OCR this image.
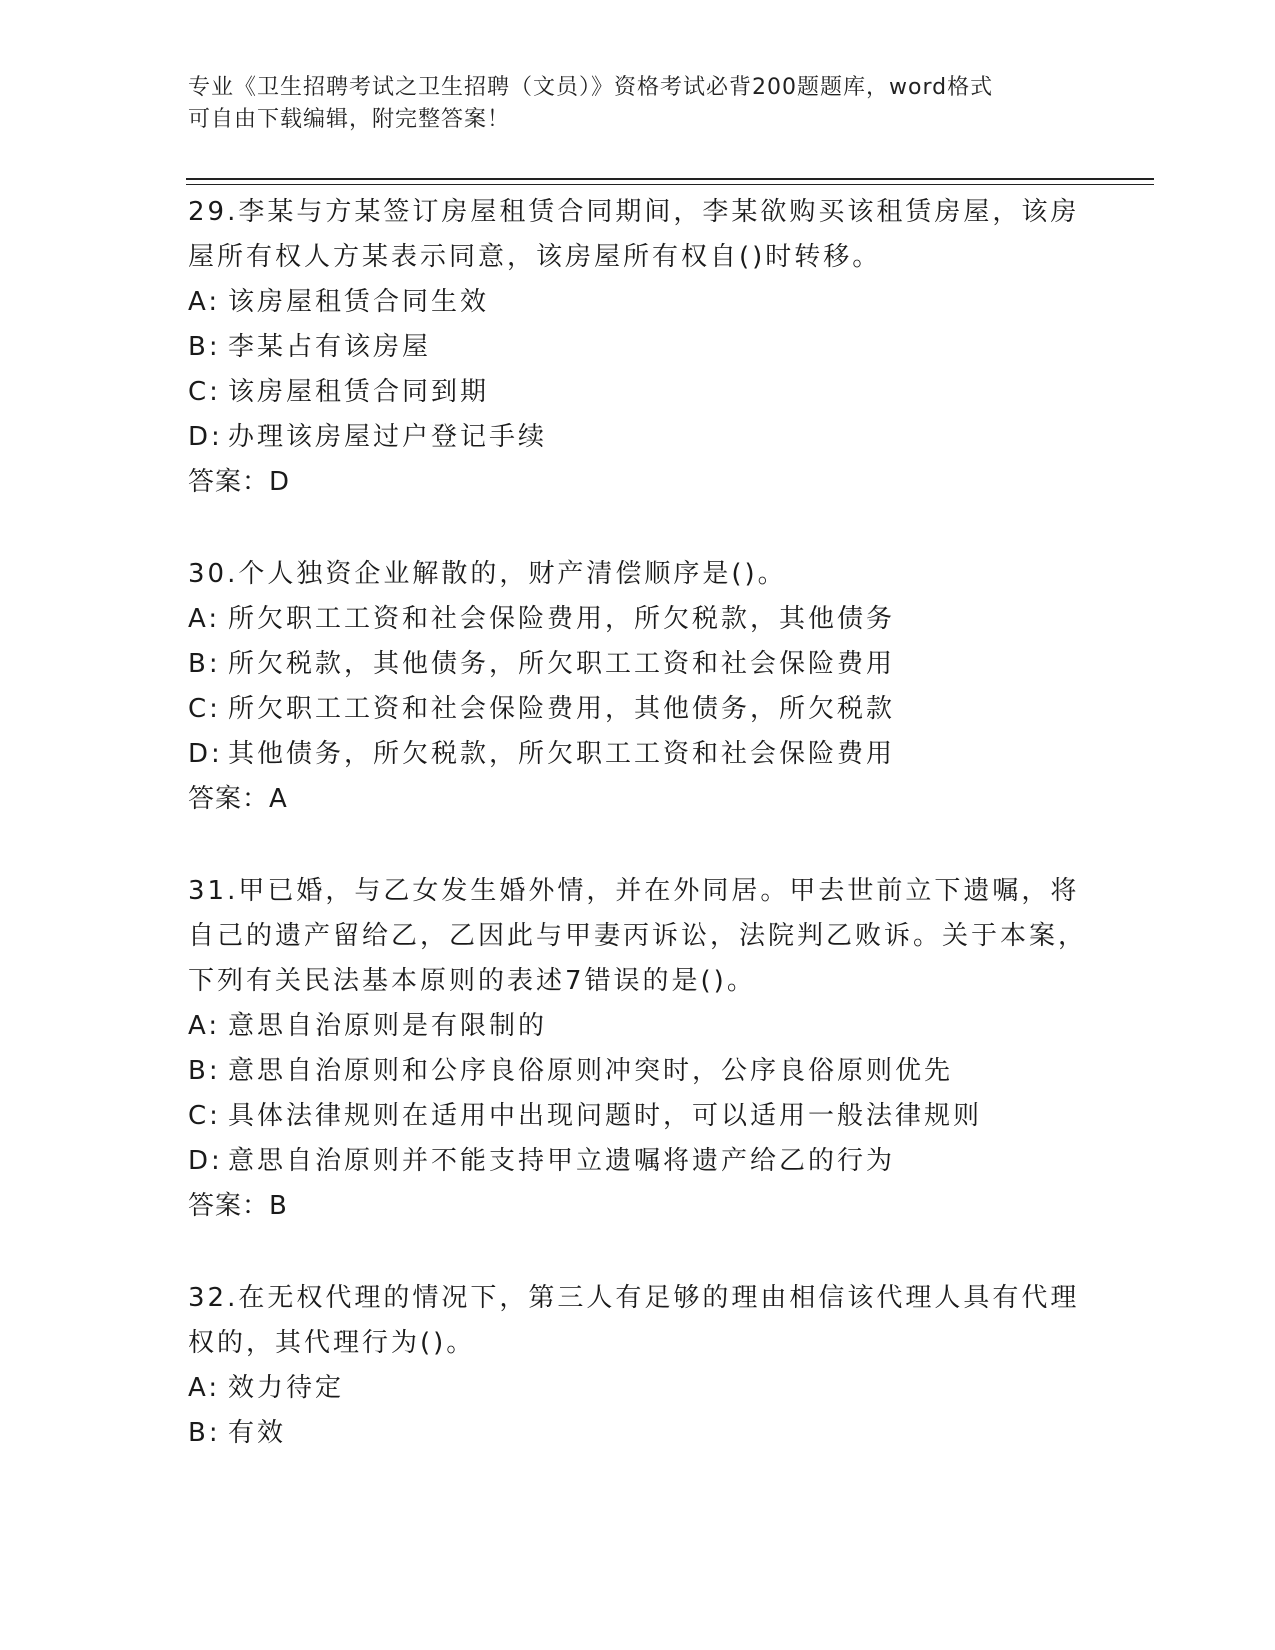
专业《卫生招聘考试之卫生招聘（文员）》资格考试必背200题题库，word格式
可自由下载编辑，附完整答案！

29.李某与方某签订房屋租赁合同期间，李某欲购买该租赁房屋，该房屋所有权人方某表示同意，该房屋所有权自()时转移。

A: 该房屋租赁合同生效

B: 李某占有该房屋

C: 该房屋租赁合同到期

D: 办理该房屋过户登记手续

答案：D

30.个人独资企业解散的，财产清偿顺序是()。

A: 所欠职工工资和社会保险费用，所欠税款，其他债务

B: 所欠税款，其他债务，所欠职工工资和社会保险费用

C: 所欠职工工资和社会保险费用，其他债务，所欠税款

D: 其他债务，所欠税款，所欠职工工资和社会保险费用

答案：A

31.甲已婚，与乙女发生婚外情，并在外同居。甲去世前立下遗嘱，将自己的遗产留给乙，乙因此与甲妻丙诉讼，法院判乙败诉。关于本案，下列有关民法基本原则的表述7错误的是()。

A: 意思自治原则是有限制的

B: 意思自治原则和公序良俗原则冲突时，公序良俗原则优先

C: 具体法律规则在适用中出现问题时，可以适用一般法律规则

D: 意思自治原则并不能支持甲立遗嘱将遗产给乙的行为

答案：B

32.在无权代理的情况下，第三人有足够的理由相信该代理人具有代理权的，其代理行为()。

A: 效力待定

B: 有效
